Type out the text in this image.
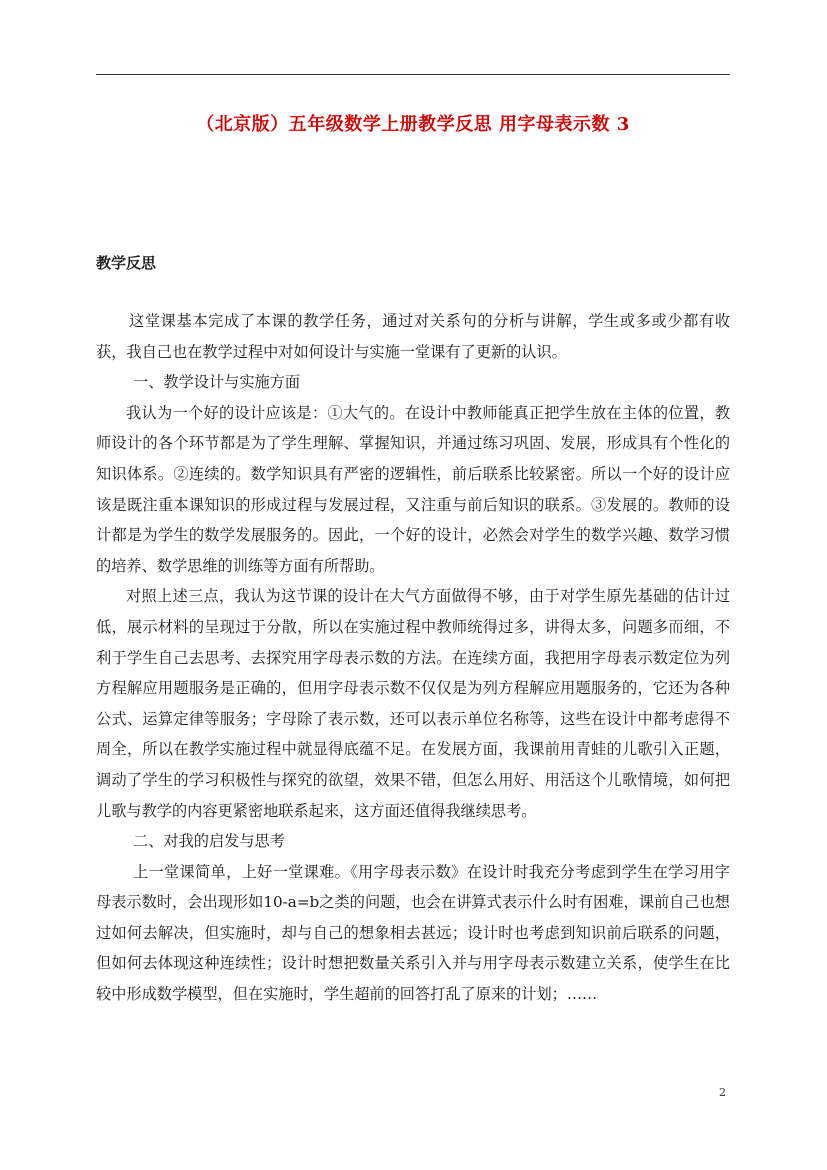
（北京版）五年级数学上册教学反思 用字母表示数 3
教学反思

这堂课基本完成了本课的教学任务，通过对关系句的分析与讲解，学生或多或少都有收获，我自己也在教学过程中对如何设计与实施一堂课有了更新的认识。

一、教学设计与实施方面

我认为一个好的设计应该是：①大气的。在设计中教师能真正把学生放在主体的位置，教师设计的各个环节都是为了学生理解、掌握知识，并通过练习巩固、发展，形成具有个性化的知识体系。②连续的。数学知识具有严密的逻辑性，前后联系比较紧密。所以一个好的设计应该是既注重本课知识的形成过程与发展过程，又注重与前后知识的联系。③发展的。教师的设计都是为学生的数学发展服务的。因此，一个好的设计，必然会对学生的数学兴趣、数学习惯的培养、数学思维的训练等方面有所帮助。

对照上述三点，我认为这节课的设计在大气方面做得不够，由于对学生原先基础的估计过低，展示材料的呈现过于分散，所以在实施过程中教师统得过多，讲得太多，问题多而细，不利于学生自己去思考、去探究用字母表示数的方法。在连续方面，我把用字母表示数定位为列方程解应用题服务是正确的，但用字母表示数不仅仅是为列方程解应用题服务的，它还为各种公式、运算定律等服务；字母除了表示数，还可以表示单位名称等，这些在设计中都考虑得不周全，所以在教学实施过程中就显得底蕴不足。在发展方面，我课前用青蛙的儿歌引入正题，调动了学生的学习积极性与探究的欲望，效果不错，但怎么用好、用活这个儿歌情境，如何把儿歌与教学的内容更紧密地联系起来，这方面还值得我继续思考。

二、对我的启发与思考

上一堂课简单，上好一堂课难。《用字母表示数》在设计时我充分考虑到学生在学习用字母表示数时，会出现形如10-a=b之类的问题，也会在讲算式表示什么时有困难，课前自己也想过如何去解决，但实施时，却与自己的想象相去甚远；设计时也考虑到知识前后联系的问题，但如何去体现这种连续性；设计时想把数量关系引入并与用字母表示数建立关系，使学生在比较中形成数学模型，但在实施时，学生超前的回答打乱了原来的计划；……

2
